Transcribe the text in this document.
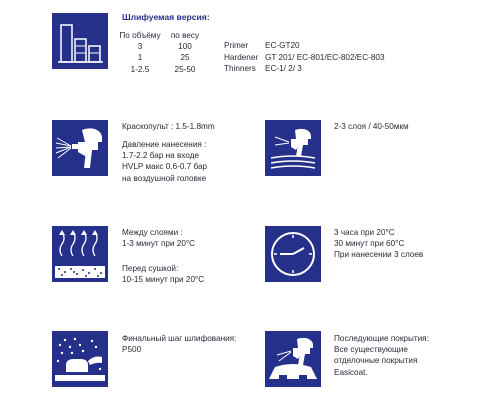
Шлифуемая версия:
По объёму
3
1
1-2.5
по весу
100
25
25-50
Primer
Hardener
Thinners
EC-GT20
GT 201/ EC-801/EC-802/EC-803
EC-1/ 2/ 3
Краскопульт : 1.5-1.8mm
Давление нанесения :
1.7-2.2 бар на входе
HVLP макс 0.6-0.7 бар
на воздушной головке
2-3 слоя / 40-50мкм
Между слоями :
1-3 минут при 20°C
Перед сушкой:
10-15 минут при 20°C
3 часа при 20°C
30 минут при 60°C
При нанесении 3 слоев
Финальный шаг шлифования:
P500
Последующие покрытия:
Все существующие
отделочные покрытия
Easicoat.
